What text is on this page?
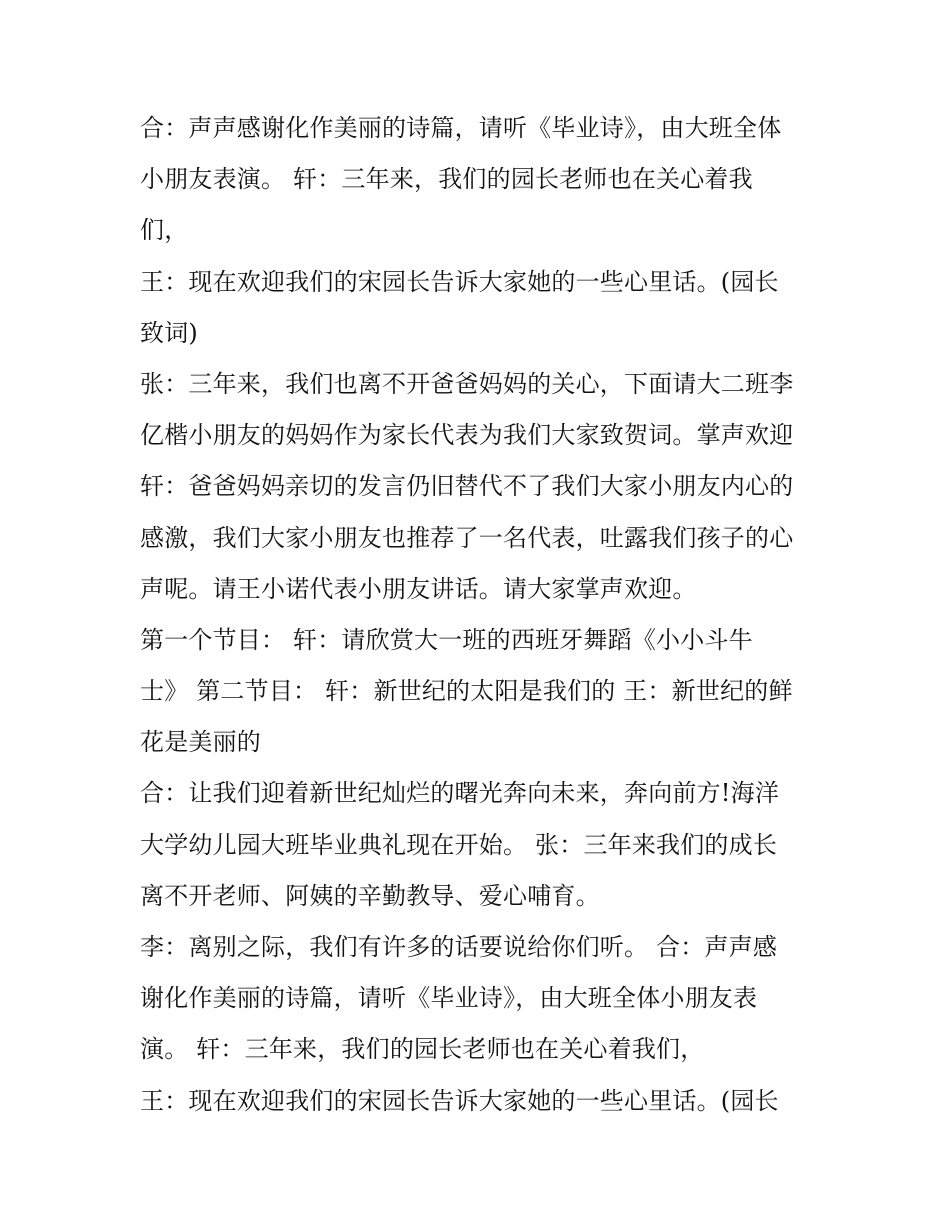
合：声声感谢化作美丽的诗篇，请听《毕业诗》，由大班全体
小朋友表演。 轩：三年来，我们的园长老师也在关心着我
们，
王：现在欢迎我们的宋园长告诉大家她的一些心里话。(园长
致词)
张：三年来，我们也离不开爸爸妈妈的关心，下面请大二班李
亿楷小朋友的妈妈作为家长代表为我们大家致贺词。掌声欢迎
轩：爸爸妈妈亲切的发言仍旧替代不了我们大家小朋友内心的
感激，我们大家小朋友也推荐了一名代表，吐露我们孩子的心
声呢。请王小诺代表小朋友讲话。请大家掌声欢迎。
第一个节目： 轩：请欣赏大一班的西班牙舞蹈《小小斗牛
士》 第二节目： 轩：新世纪的太阳是我们的 王：新世纪的鲜
花是美丽的
合：让我们迎着新世纪灿烂的曙光奔向未来，奔向前方!海洋
大学幼儿园大班毕业典礼现在开始。 张：三年来我们的成长
离不开老师、阿姨的辛勤教导、爱心哺育。
李：离别之际，我们有许多的话要说给你们听。 合：声声感
谢化作美丽的诗篇，请听《毕业诗》，由大班全体小朋友表
演。 轩：三年来，我们的园长老师也在关心着我们，
王：现在欢迎我们的宋园长告诉大家她的一些心里话。(园长
